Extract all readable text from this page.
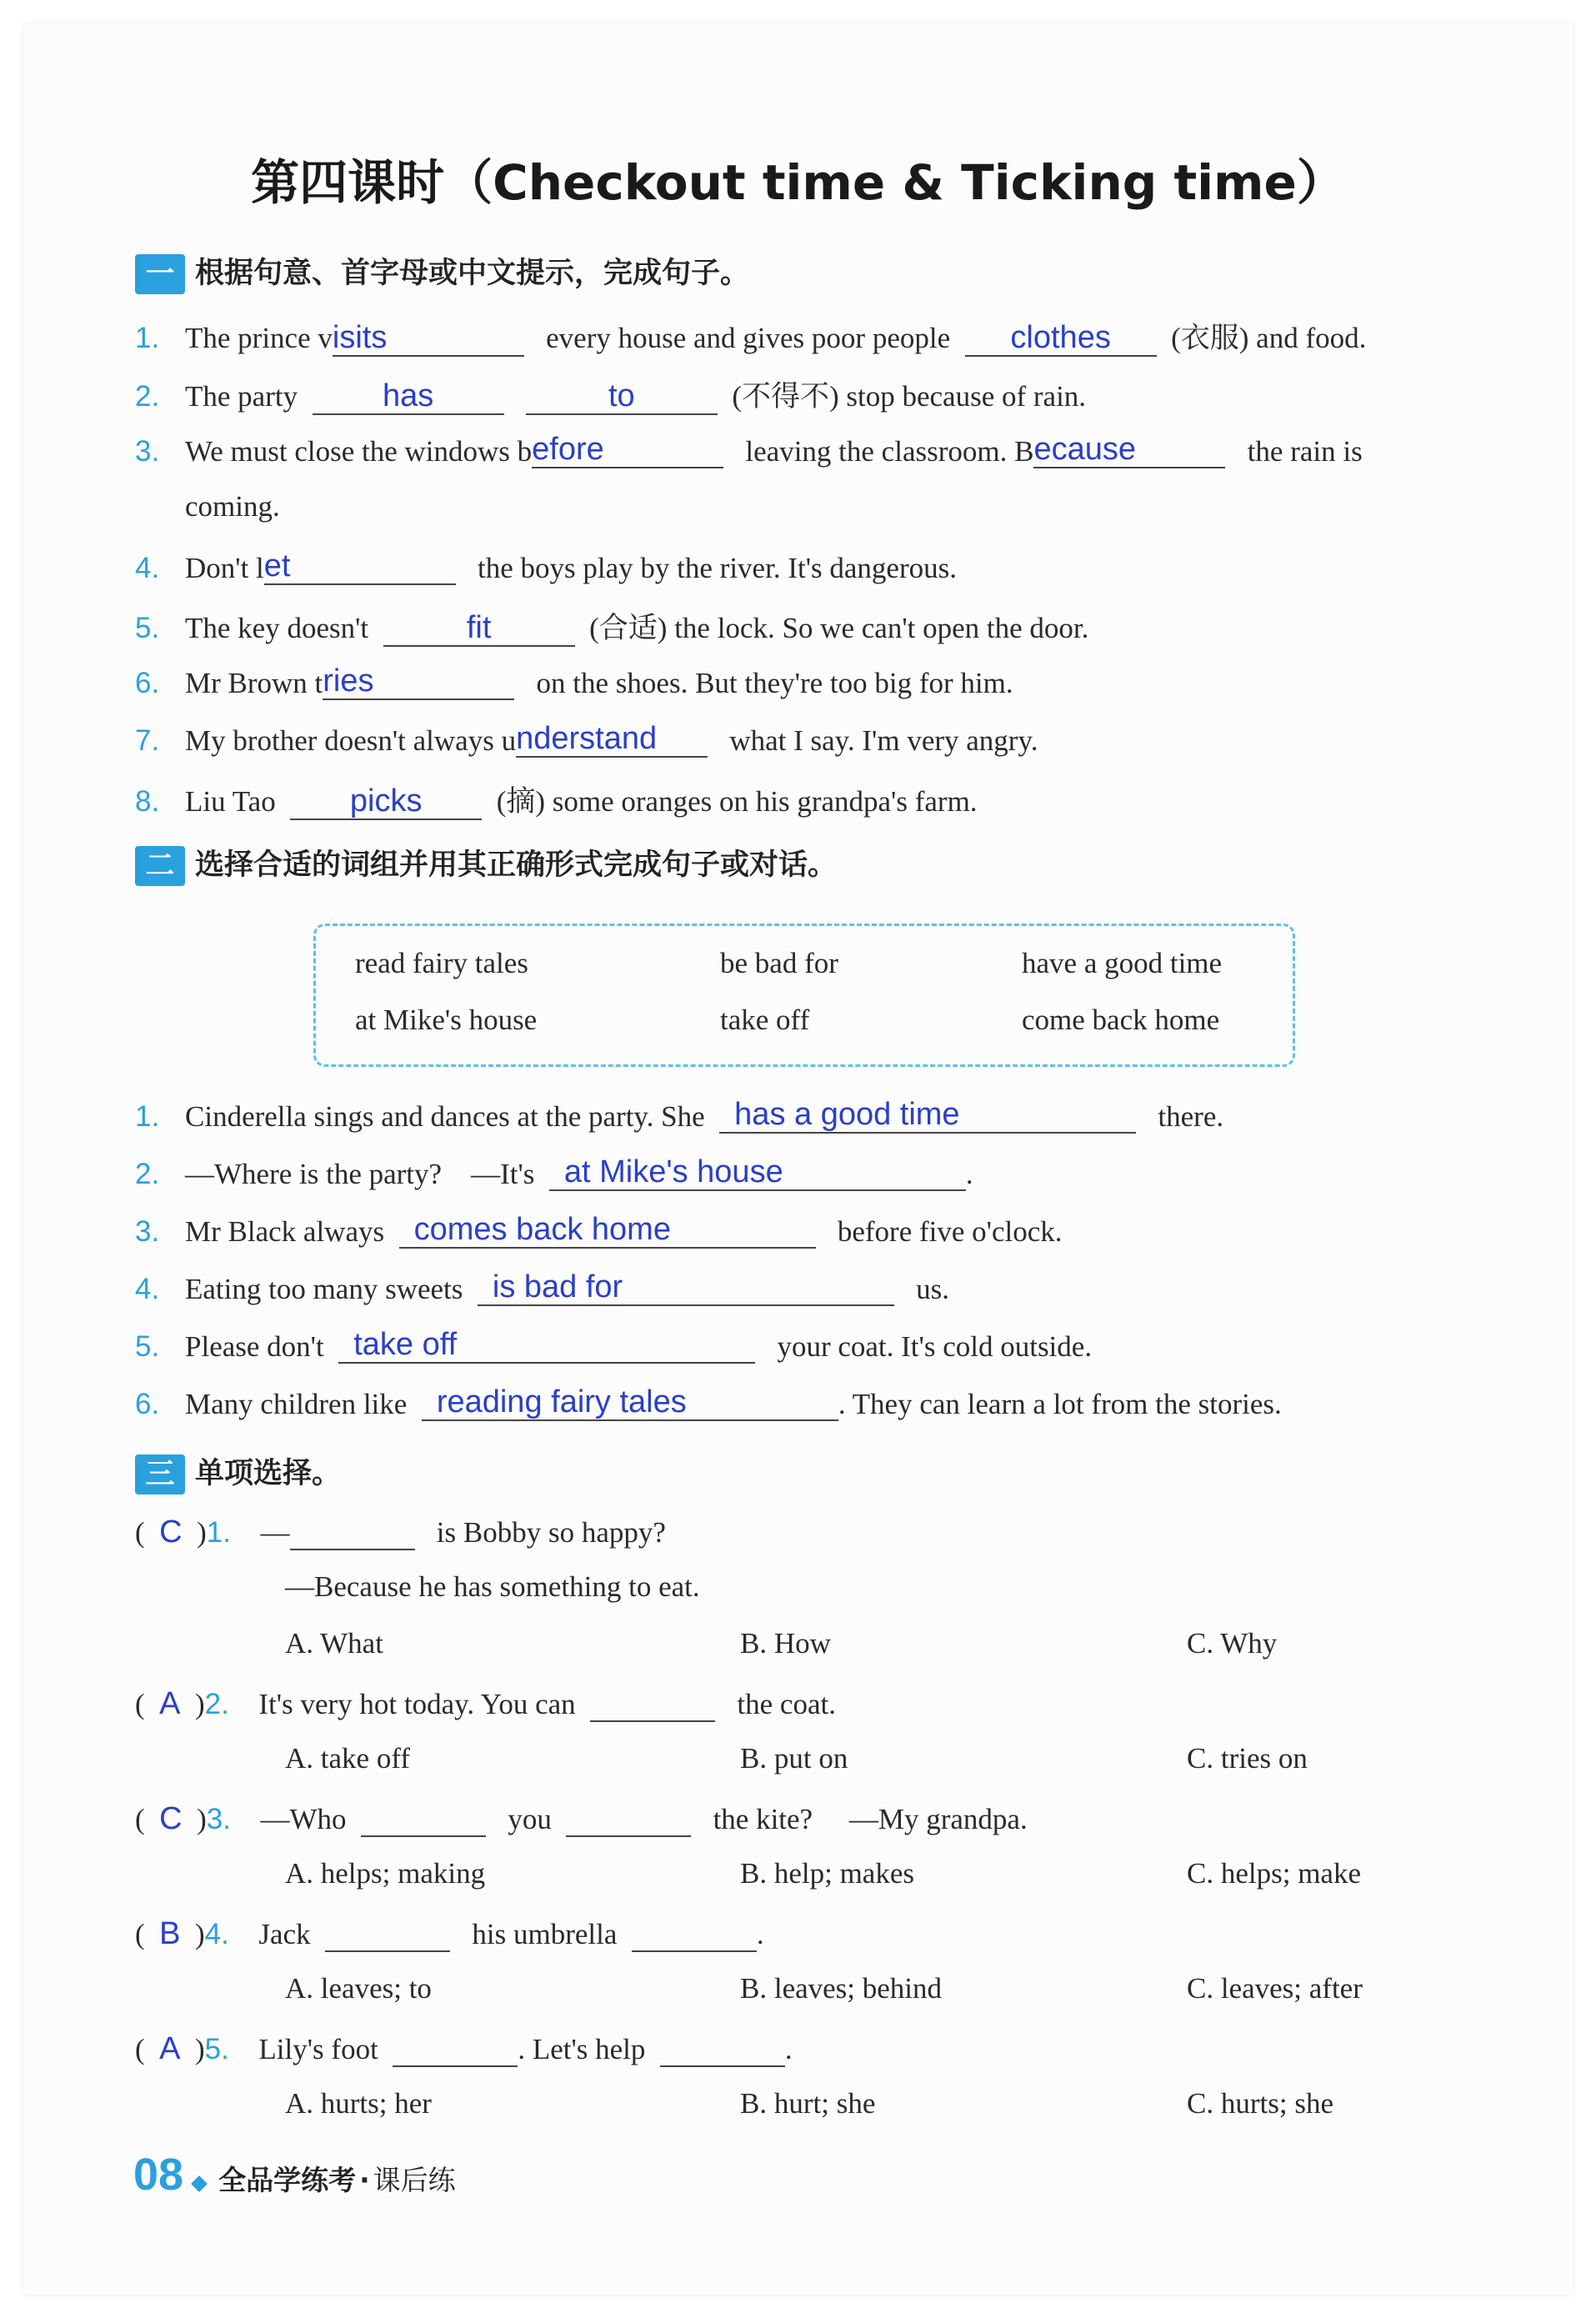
第四课时（Checkout time & Ticking time）
一 根据句意、首字母或中文提示，完成句子。
1. The prince visits	every house and gives poor people clothes (衣服) and food.
2. The party	has	to	(不得不) stop because of rain.
3. We must close the windows before	leaving the classroom. Because	the rain is
coming.
4. Don't let	the boys play by the river. It's dangerous.
5. The key doesn't	fit	(合适) the lock. So we can't open the door.
6. Mr Brown tries	on the shoes. But they're too big for him.
7. My brother doesn't always understand what I say. I'm very angry.
8. Liu Tao picks	(摘) some oranges on his grandpa's farm.
二 选择合适的词组并用其正确形式完成句子或对话。
read fairy tales	be bad for	have a good time
at Mike's house	take off	come back home
1. Cinderella sings and dances at the party. She has a good time	there.
2. —Where is the party? —It's at Mike's house	.
3. Mr Black always comes back home	before five o'clock.
4. Eating too many sweets is bad for	us.
5. Please don't take off	your coat. It's cold outside.
6. Many children like reading fairy tales	. They can learn a lot from the stories.
三 单项选择。
(  C  )1. —	is Bobby so happy?
—Because he has something to eat.
A. What	B. How	C. Why
(  A  )2. It's very hot today. You can	the coat.
A. take off	B. put on	C. tries on
(  C  )3. —Who	you	the kite? —My grandpa.
A. helps; making	B. help; makes	C. helps; make
(  B  )4. Jack	his umbrella	.
A. leaves; to	B. leaves; behind	C. leaves; after
(  A  )5. Lily's foot	. Let's help	.
A. hurts; her	B. hurt; she	C. hurts; she
08 全品学练考 · 课后练
